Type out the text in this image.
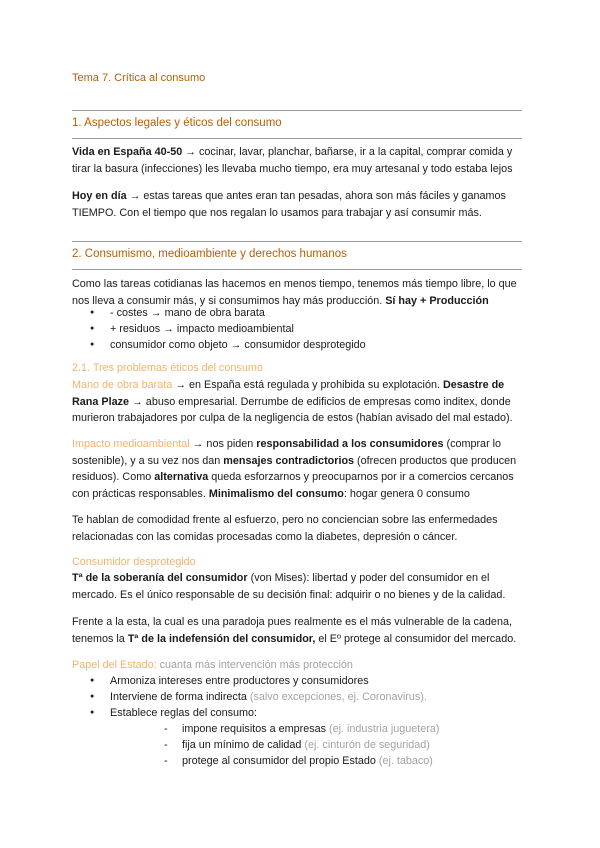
Tema 7. Crítica al consumo
1. Aspectos legales y éticos del consumo

Vida en España 40-50 → cocinar, lavar, planchar, bañarse, ir a la capital, comprar comida y tirar la basura (infecciones) les llevaba mucho tiempo, era muy artesanal y todo estaba lejos

Hoy en día → estas tareas que antes eran tan pesadas, ahora son más fáciles y ganamos TIEMPO. Con el tiempo que nos regalan lo usamos para trabajar y así consumir más.

2. Consumismo, medioambiente y derechos humanos

Como las tareas cotidianas las hacemos en menos tiempo, tenemos más tiempo libre, lo que nos lleva a consumir más, y si consumimos hay más producción. Sí hay + Producción

● - costes → mano de obra barata
● + residuos → impacto medioambiental
● consumidor como objeto → consumidor desprotegido
2.1. Tres problemas éticos del consumo

Mano de obra barata → en España está regulada y prohibida su explotación. Desastre de Rana Plaze → abuso empresarial. Derrumbe de edificios de empresas como inditex, donde murieron trabajadores por culpa de la negligencia de estos (habían avisado del mal estado).

Impacto medioambiental → nos piden responsabilidad a los consumidores (comprar lo sostenible), y a su vez nos dan mensajes contradictorios (ofrecen productos que producen residuos). Como alternativa queda esforzarnos y preocuparnos por ir a comercios cercanos con prácticas responsables. Minimalismo del consumo: hogar genera 0 consumo

Te hablan de comodidad frente al esfuerzo, pero no conciencian sobre las enfermedades relacionadas con las comidas procesadas como la diabetes, depresión o cáncer.

Consumidor desprotegido

Tª de la soberanía del consumidor (von Mises): libertad y poder del consumidor en el mercado. Es el único responsable de su decisión final: adquirir o no bienes y de la calidad.

Frente a la esta, la cual es una paradoja pues realmente es el más vulnerable de la cadena, tenemos la Tª de la indefensión del consumidor, el Eº protege al consumidor del mercado.

Papel del Estado: cuanta más intervención más protección

● Armoniza intereses entre productores y consumidores
● Interviene de forma indirecta (salvo excepciones, ej. Coronavirus).
● Establece reglas del consumo:
- impone requisitos a empresas (ej. industria juguetera)
- fija un mínimo de calidad (ej. cinturón de seguridad)
- protege al consumidor del propio Estado (ej. tabaco)
